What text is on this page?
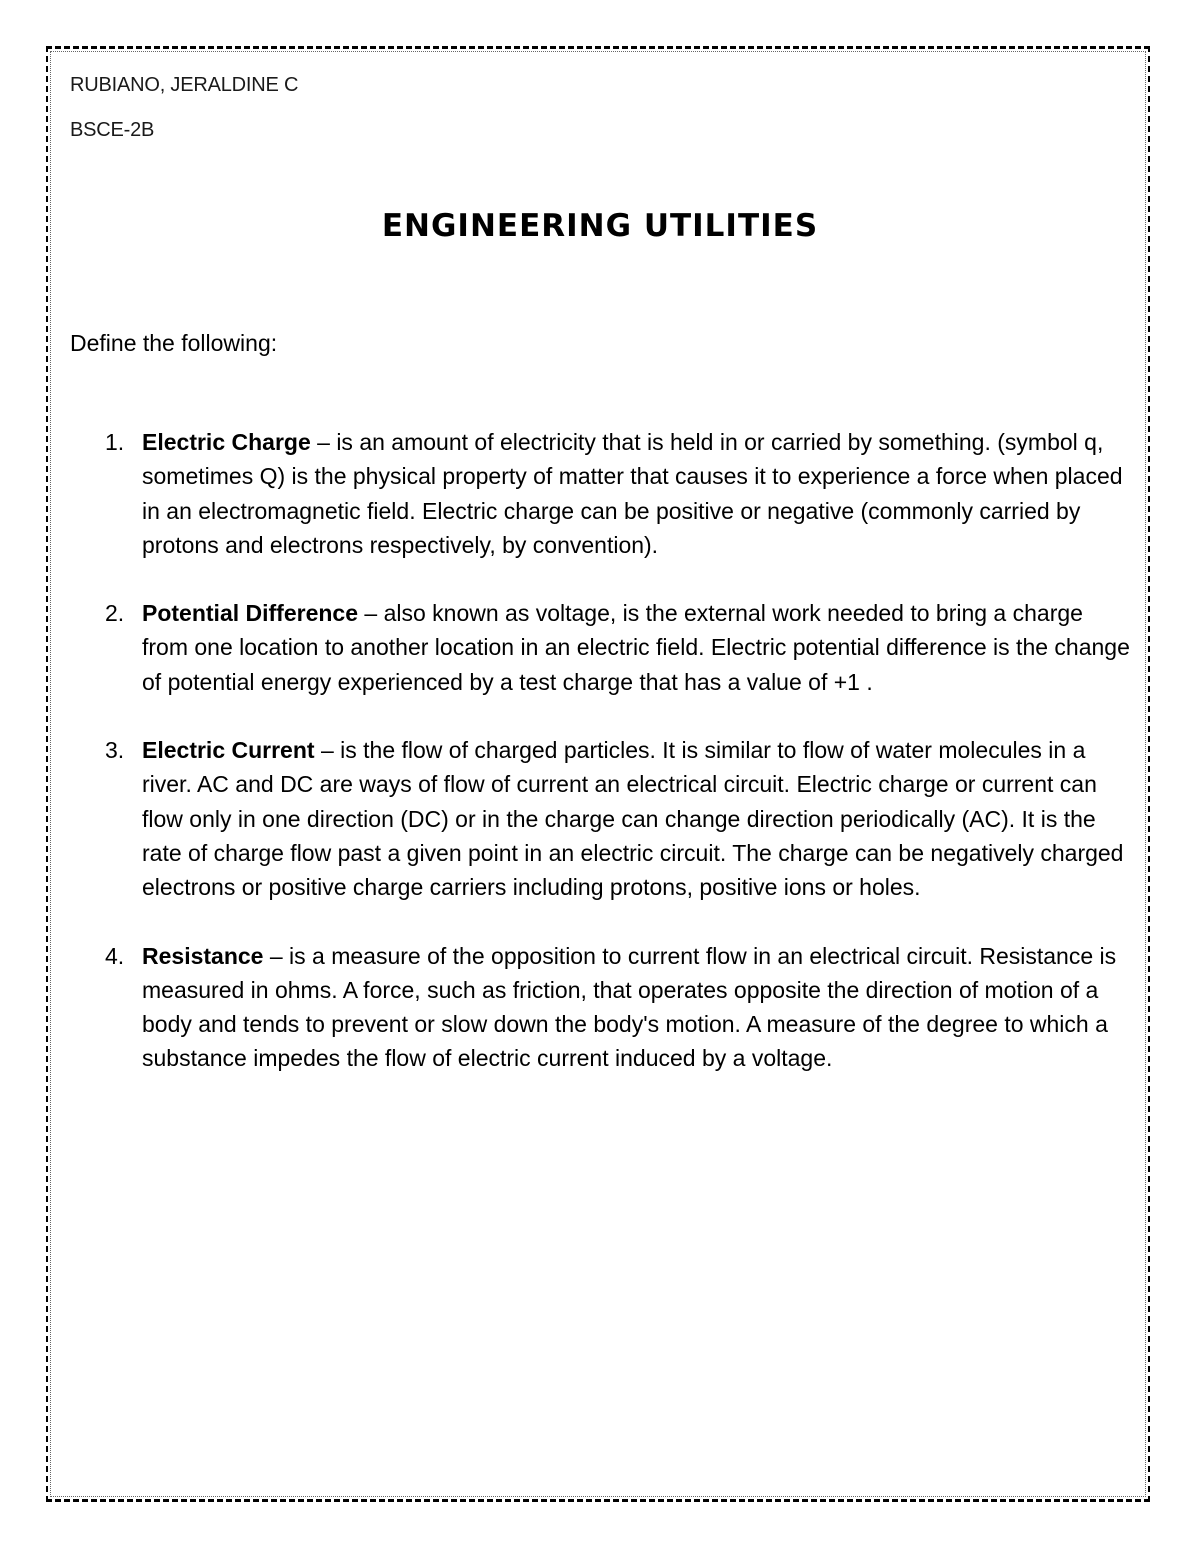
RUBIANO, JERALDINE C
BSCE-2B
ENGINEERING UTILITIES
Define the following:
1. Electric Charge – is an amount of electricity that is held in or carried by something. (symbol q, sometimes Q) is the physical property of matter that causes it to experience a force when placed in an electromagnetic field. Electric charge can be positive or negative (commonly carried by protons and electrons respectively, by convention).
2. Potential Difference – also known as voltage, is the external work needed to bring a charge from one location to another location in an electric field. Electric potential difference is the change of potential energy experienced by a test charge that has a value of +1 .
3. Electric Current – is the flow of charged particles. It is similar to flow of water molecules in a river. AC and DC are ways of flow of current an electrical circuit. Electric charge or current can flow only in one direction (DC) or in the charge can change direction periodically (AC). It is the rate of charge flow past a given point in an electric circuit. The charge can be negatively charged electrons or positive charge carriers including protons, positive ions or holes.
4. Resistance – is a measure of the opposition to current flow in an electrical circuit. Resistance is measured in ohms. A force, such as friction, that operates opposite the direction of motion of a body and tends to prevent or slow down the body's motion. A measure of the degree to which a substance impedes the flow of electric current induced by a voltage.
